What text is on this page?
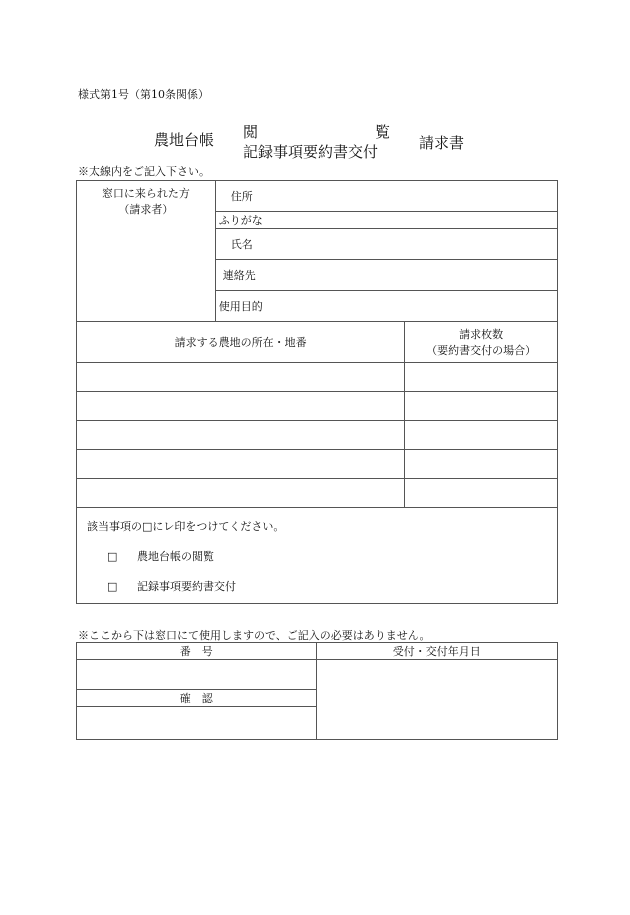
様式第1号（第10条関係）
農地台帳 閲	覧
記録事項要約書交付	請求書
※太線内をご記入下さい。
窓口に来られた方
（請求者）	住所	
	ふりがな	
	氏名	
	連絡先	
	使用目的	
請求する農地の所在・地番		請求枚数
（要約書交付の場合）

該当事項の□にレ印をつけてください。
□ 農地台帳の閲覧
□ 記録事項要約書交付		
※ここから下は窓口にて使用しますので、ご記入の必要はありません。
番　号	受付・交付年月日

確　認	
